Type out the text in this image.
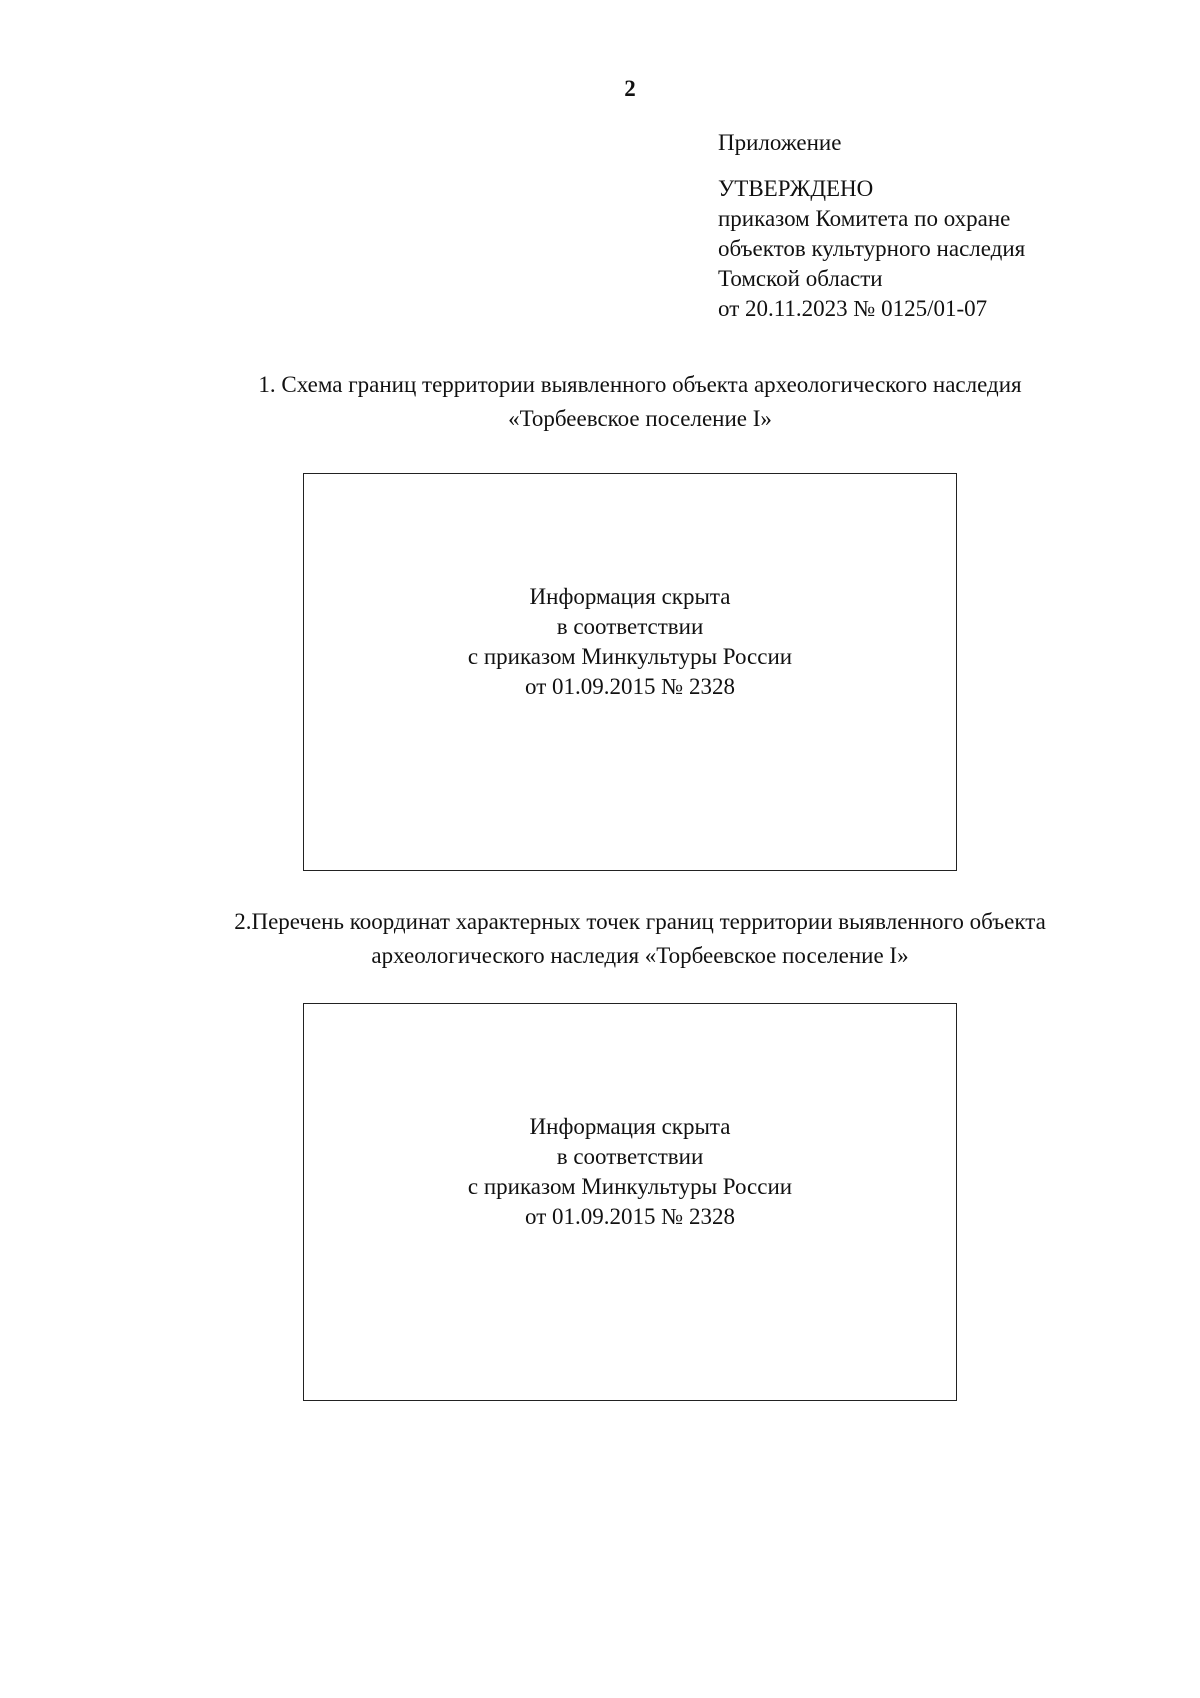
2
Приложение
УТВЕРЖДЕНО
приказом Комитета по охране
объектов культурного наследия
Томской области
от 20.11.2023 № 0125/01-07
1. Схема границ территории выявленного объекта археологического наследия
«Торбеевское поселение I»
Информация скрыта
в соответствии
с приказом Минкультуры России
от 01.09.2015 № 2328
2.Перечень координат характерных точек границ территории выявленного объекта
археологического наследия «Торбеевское поселение I»
Информация скрыта
в соответствии
с приказом Минкультуры России
от 01.09.2015 № 2328
